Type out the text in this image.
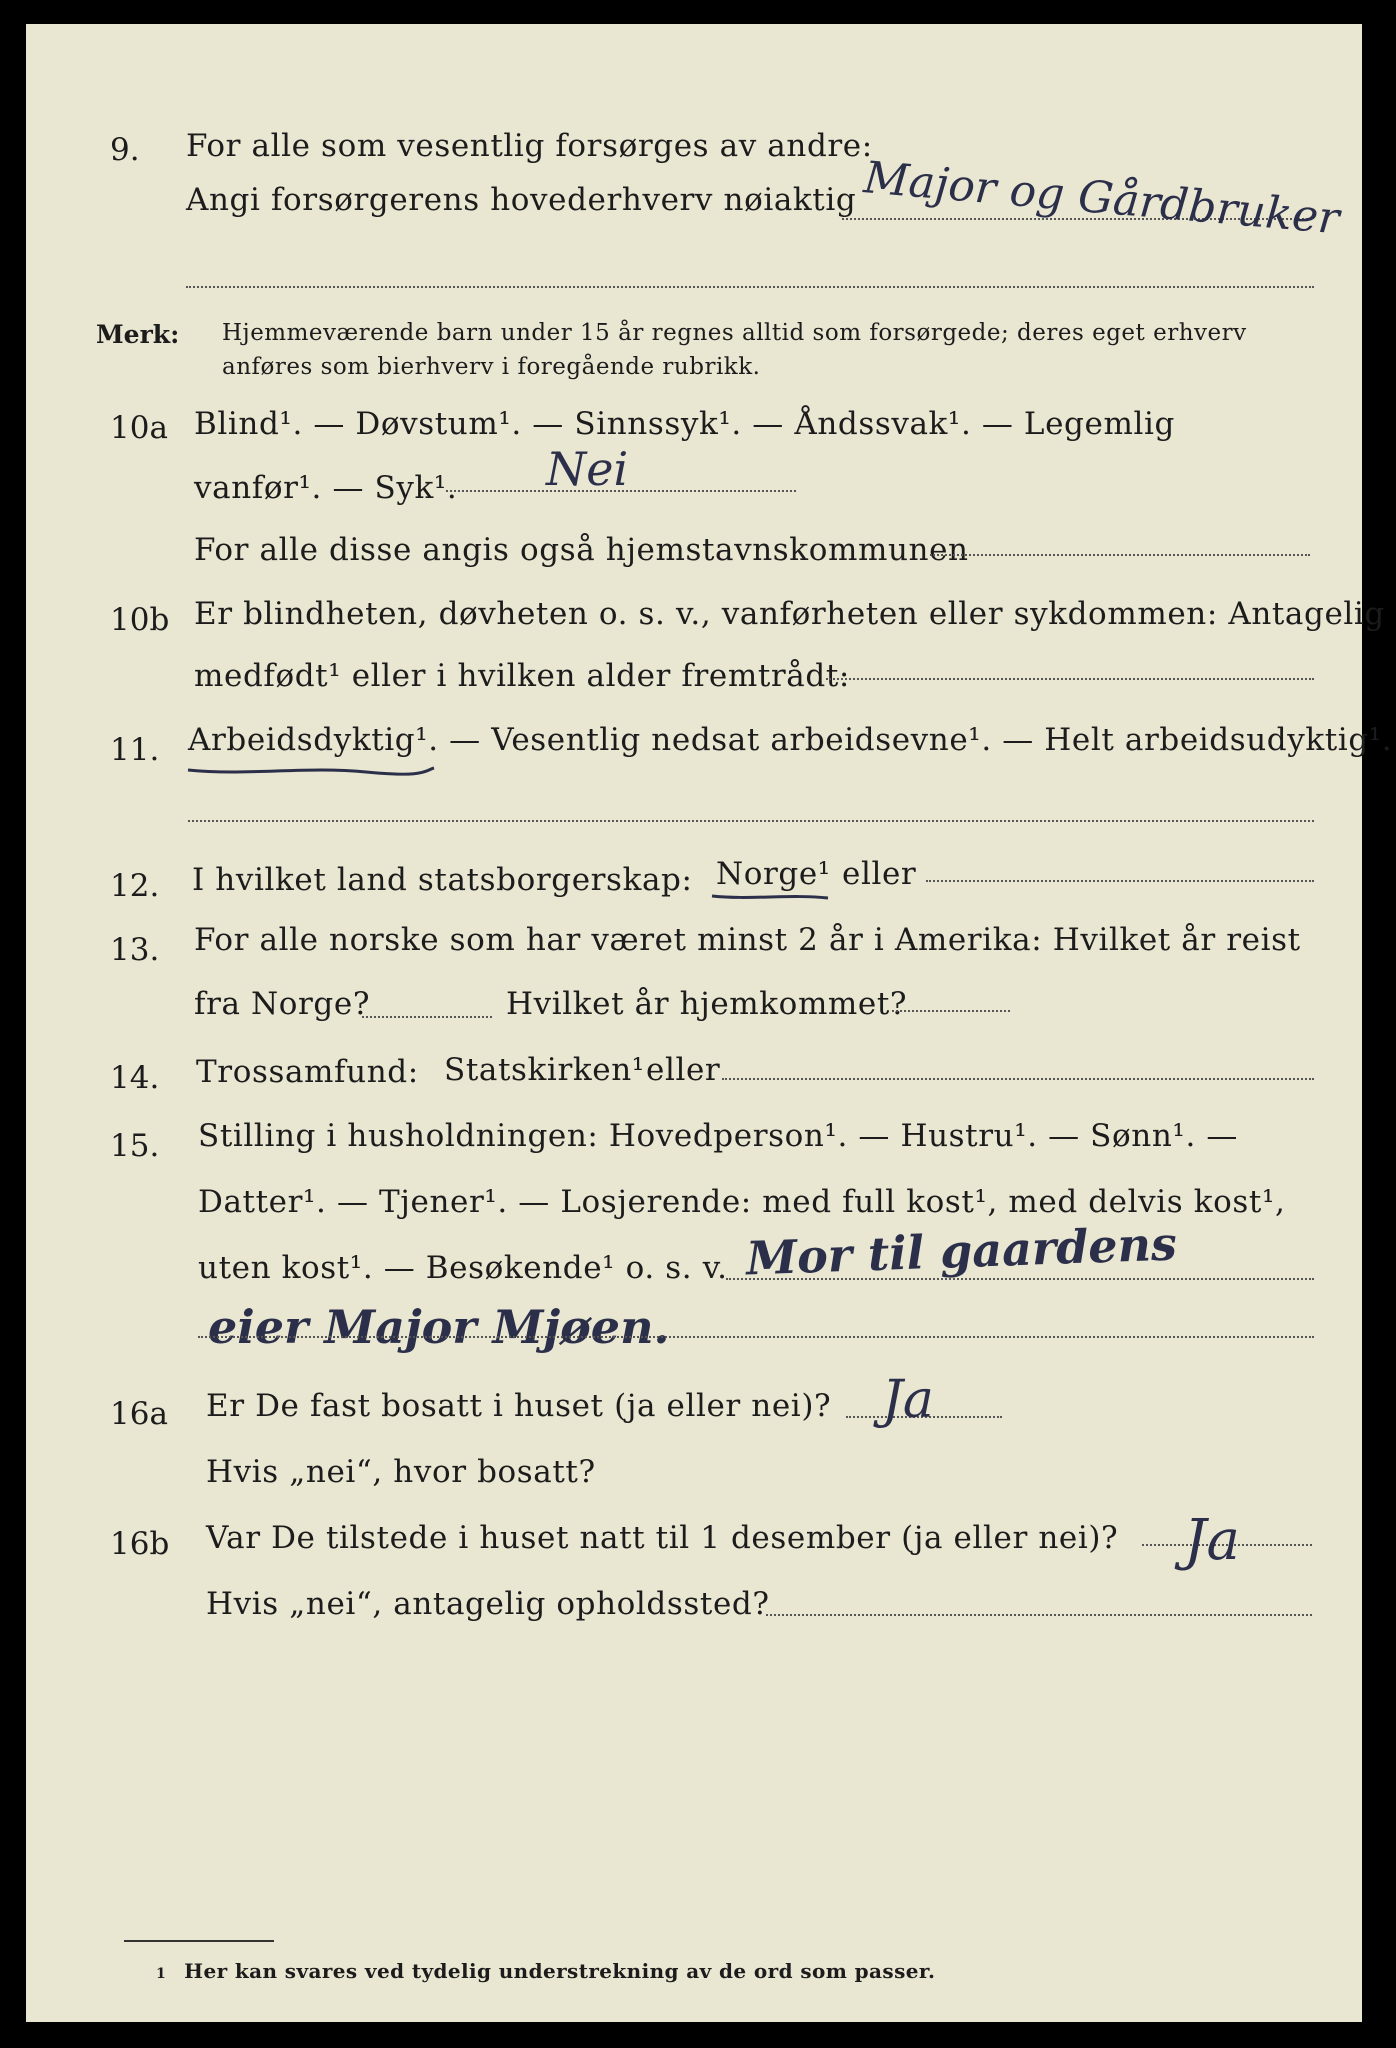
9. For alle som vesentlig forsørges av andre:
Angi forsørgerens hovederhverv nøiaktig Major og Gårdbruker
Merk: Hjemmeværende barn under 15 år regnes alltid som forsørgede; deres eget erhverv
anføres som bierhverv i foregående rubrikk.
10a Blind¹. — Døvstum¹. — Sinnssyk¹. — Åndssvak¹. — Legemlig
vanfør¹. — Syk¹. Nei
For alle disse angis også hjemstavnskommunen
10b Er blindheten, døvheten o. s. v., vanførheten eller sykdommen: Antagelig
medfødt¹ eller i hvilken alder fremtrådt:
11. Arbeidsdyktig¹. — Vesentlig nedsat arbeidsevne¹. — Helt arbeidsudyktig¹.
12. I hvilket land statsborgerskap: Norge¹ eller
13. For alle norske som har været minst 2 år i Amerika: Hvilket år reist
fra Norge?	Hvilket år hjemkommet?
14. Trossamfund: Statskirken¹ eller
15. Stilling i husholdningen: Hovedperson¹. — Hustru¹. — Sønn¹. —
Datter¹. — Tjener¹. — Losjerende: med full kost¹, med delvis kost¹,
uten kost¹. — Besøkende¹ o. s. v. Mor til gaardens
eier Major Mjøen.
16a Er De fast bosatt i huset (ja eller nei)? Ja
Hvis „nei“, hvor bosatt?
16b Var De tilstede i huset natt til 1 desember (ja eller nei)? Ja
Hvis „nei“, antagelig opholdssted?
1 Her kan svares ved tydelig understrekning av de ord som passer.
